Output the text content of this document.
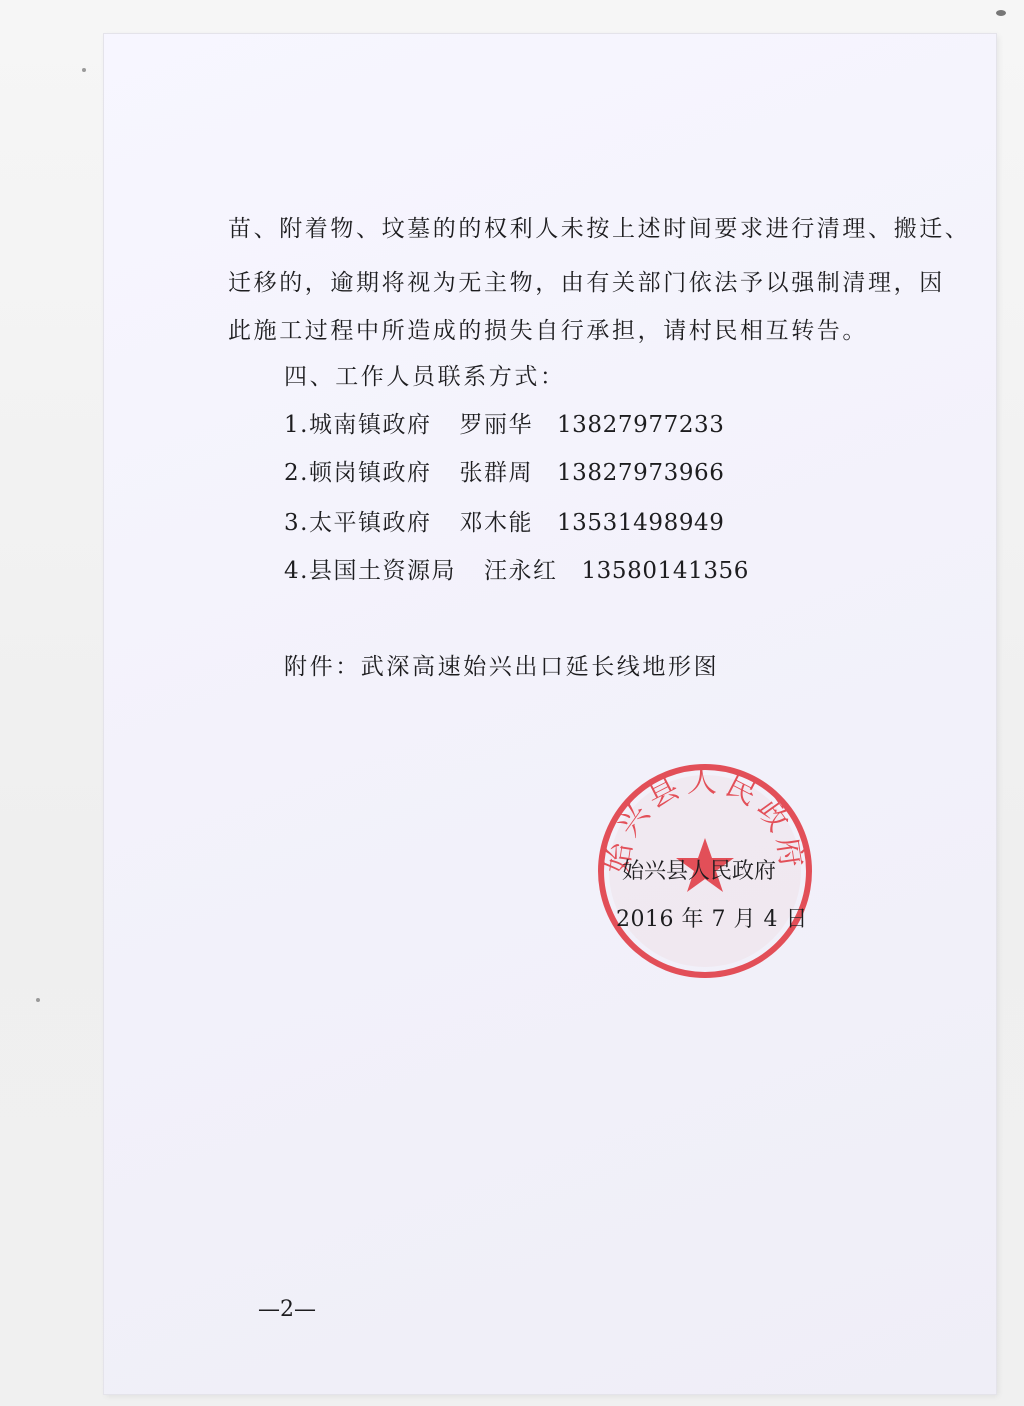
苗、附着物、坟墓的的权利人未按上述时间要求进行清理、搬迁、
迁移的，逾期将视为无主物，由有关部门依法予以强制清理，因
此施工过程中所造成的损失自行承担，请村民相互转告。
四、工作人员联系方式：
1.城南镇政府 罗丽华 13827977233
2.顿岗镇政府 张群周 13827973966
3.太平镇政府 邓木能 13531498949
4.县国土资源局 汪永红 13580141356
附件：武深高速始兴出口延长线地形图
始兴县人民政府
始兴县人民政府
2016 年 7 月 4 日
—2—
